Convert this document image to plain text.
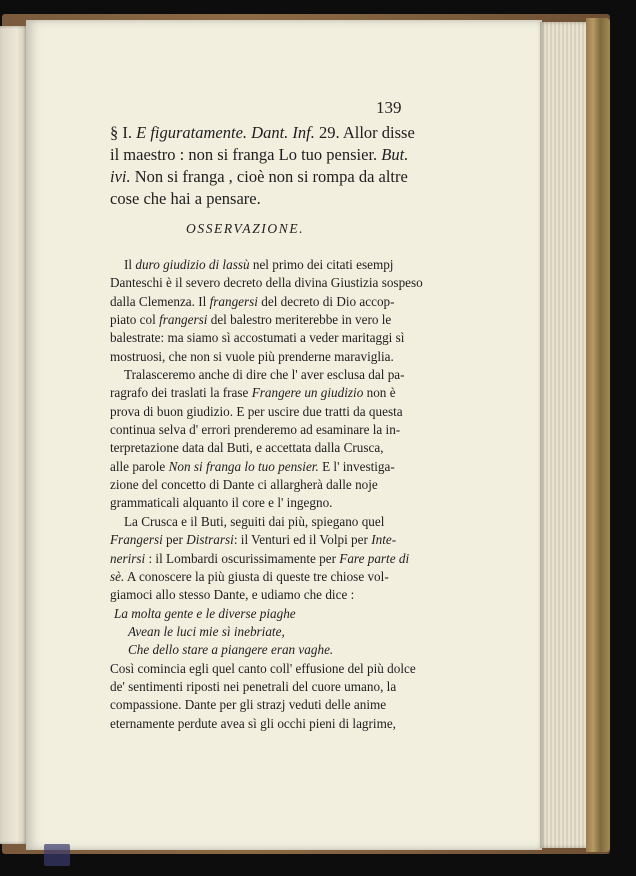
139
§ I. E figuratamente. Dant. Inf. 29. Allor disse
il maestro : non si franga Lo tuo pensier. But.
ivi. Non si franga , cioè non si rompa da altre
cose che hai a pensare.
OSSERVAZIONE.
Il duro giudizio di lassù nel primo dei citati esempj
Danteschi è il severo decreto della divina Giustizia sospeso
dalla Clemenza. Il frangersi del decreto di Dio accop-
piato col frangersi del balestro meriterebbe in vero le
balestrate: ma siamo sì accostumati a veder maritaggi sì
mostruosi, che non si vuole più prenderne maraviglia.
Tralasceremo anche di dire che l' aver esclusa dal pa-
ragrafo dei traslati la frase Frangere un giudizio non è
prova di buon giudizio. E per uscire due tratti da questa
continua selva d' errori prenderemo ad esaminare la in-
terpretazione data dal Buti, e accettata dalla Crusca,
alle parole Non si franga lo tuo pensier. E l' investiga-
zione del concetto di Dante ci allargherà dalle noje
grammaticali alquanto il core e l' ingegno.
La Crusca e il Buti, seguiti dai più, spiegano quel
Frangersi per Distrarsi: il Venturi ed il Volpi per Inte-
nerirsi : il Lombardi oscurissimamente per Fare parte di
sè. A conoscere la più giusta di queste tre chiose vol-
giamoci allo stesso Dante, e udiamo che dice :
La molta gente e le diverse piaghe
Avean le luci mie sì inebriate,
Che dello stare a piangere eran vaghe.
Così comincia egli quel canto coll' effusione del più dolce
de' sentimenti riposti nei penetrali del cuore umano, la
compassione. Dante per gli strazj veduti delle anime
eternamente perdute avea sì gli occhi pieni di lagrime,
